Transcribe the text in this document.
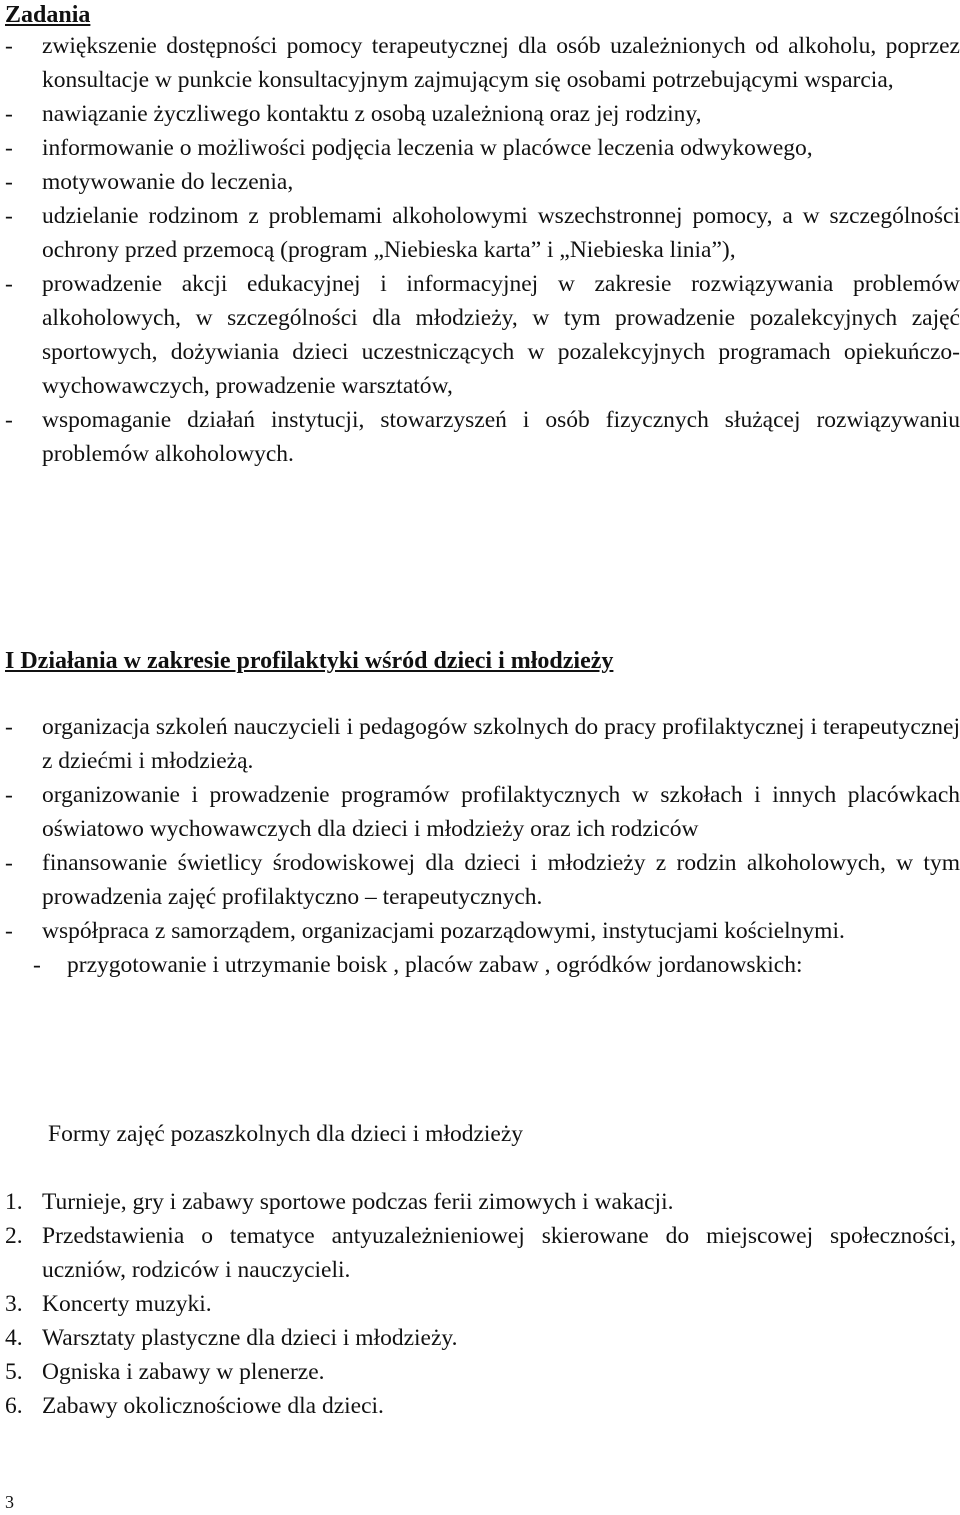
Zadania
- zwiększenie dostępności pomocy terapeutycznej dla osób uzależnionych od alkoholu, poprzez konsultacje w punkcie konsultacyjnym zajmującym się osobami potrzebującymi wsparcia,
- nawiązanie życzliwego kontaktu z osobą uzależnioną oraz jej rodziny,
- informowanie o możliwości podjęcia leczenia w placówce leczenia odwykowego,
- motywowanie do leczenia,
- udzielanie rodzinom z problemami alkoholowymi wszechstronnej pomocy, a w szczególności ochrony przed przemocą (program „Niebieska karta” i „Niebieska linia”),
- prowadzenie akcji edukacyjnej i informacyjnej w zakresie rozwiązywania problemów alkoholowych, w szczególności dla młodzieży, w tym prowadzenie pozalekcyjnych zajęć sportowych, dożywiania dzieci uczestniczących w pozalekcyjnych programach opiekuńczo-wychowawczych, prowadzenie warsztatów,
- wspomaganie działań instytucji, stowarzyszeń i osób fizycznych służącej rozwiązywaniu problemów alkoholowych.
I Działania w zakresie profilaktyki wśród dzieci i młodzieży
- organizacja szkoleń nauczycieli i pedagogów szkolnych do pracy profilaktycznej i terapeutycznej z dziećmi i młodzieżą.
- organizowanie i prowadzenie programów profilaktycznych w szkołach i innych placówkach oświatowo wychowawczych dla dzieci i młodzieży oraz ich rodziców
- finansowanie świetlicy środowiskowej dla dzieci i młodzieży z rodzin alkoholowych, w tym prowadzenia zajęć profilaktyczno – terapeutycznych.
- współpraca z samorządem, organizacjami pozarządowymi, instytucjami kościelnymi.
-	przygotowanie i utrzymanie boisk , placów zabaw , ogródków jordanowskich:
Formy zajęć pozaszkolnych dla dzieci i młodzieży
1. Turnieje, gry i zabawy sportowe podczas ferii zimowych i wakacji.
2. Przedstawienia o tematyce antyuzależnieniowej skierowane do miejscowej społeczności, uczniów, rodziców i nauczycieli.
3. Koncerty muzyki.
4. Warsztaty plastyczne dla dzieci i młodzieży.
5. Ogniska i zabawy w plenerze.
6. Zabawy okolicznościowe dla dzieci.
3
